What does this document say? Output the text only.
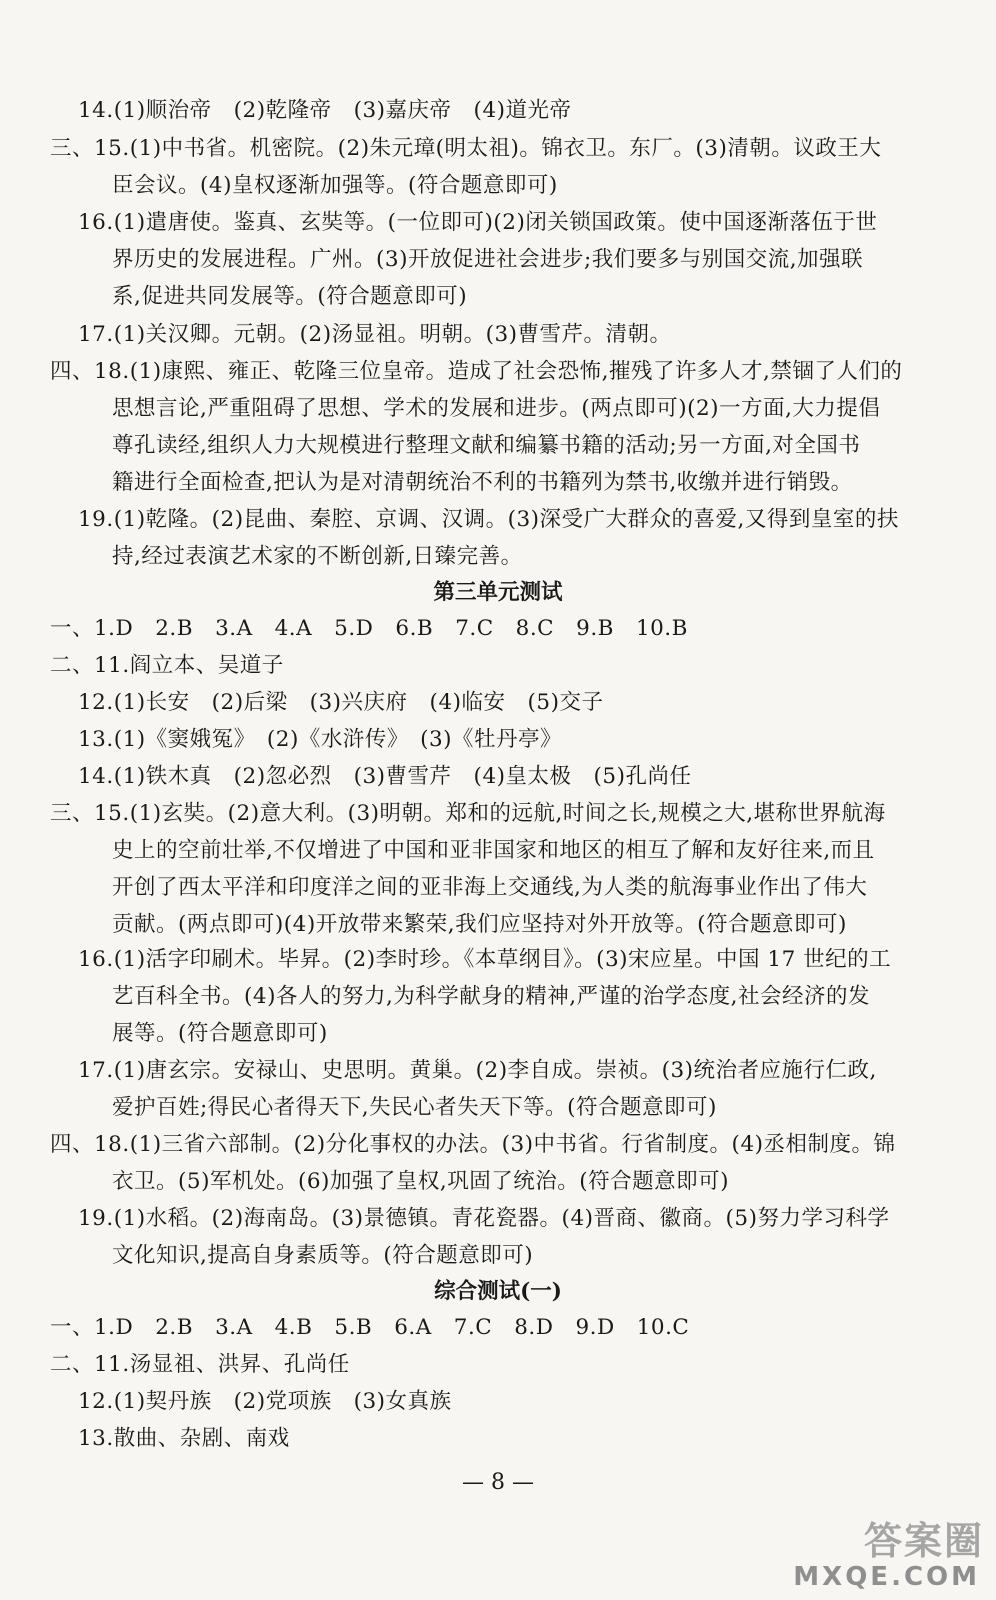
14.(1)顺治帝　(2)乾隆帝　(3)嘉庆帝　(4)道光帝
三、15.(1)中书省。机密院。(2)朱元璋(明太祖)。锦衣卫。东厂。(3)清朝。议政王大
臣会议。(4)皇权逐渐加强等。(符合题意即可)
16.(1)遣唐使。鉴真、玄奘等。(一位即可)(2)闭关锁国政策。使中国逐渐落伍于世
界历史的发展进程。广州。(3)开放促进社会进步;我们要多与别国交流,加强联
系,促进共同发展等。(符合题意即可)
17.(1)关汉卿。元朝。(2)汤显祖。明朝。(3)曹雪芹。清朝。
四、18.(1)康熙、雍正、乾隆三位皇帝。造成了社会恐怖,摧残了许多人才,禁锢了人们的
思想言论,严重阻碍了思想、学术的发展和进步。(两点即可)(2)一方面,大力提倡
尊孔读经,组织人力大规模进行整理文献和编纂书籍的活动;另一方面,对全国书
籍进行全面检查,把认为是对清朝统治不利的书籍列为禁书,收缴并进行销毁。
19.(1)乾隆。(2)昆曲、秦腔、京调、汉调。(3)深受广大群众的喜爱,又得到皇室的扶
持,经过表演艺术家的不断创新,日臻完善。
第三单元测试
一、1.D　2.B　3.A　4.A　5.D　6.B　7.C　8.C　9.B　10.B
二、11.阎立本、吴道子
12.(1)长安　(2)后梁　(3)兴庆府　(4)临安　(5)交子
13.(1)《窦娥冤》　(2)《水浒传》　(3)《牡丹亭》
14.(1)铁木真　(2)忽必烈　(3)曹雪芹　(4)皇太极　(5)孔尚任
三、15.(1)玄奘。(2)意大利。(3)明朝。郑和的远航,时间之长,规模之大,堪称世界航海
史上的空前壮举,不仅增进了中国和亚非国家和地区的相互了解和友好往来,而且
开创了西太平洋和印度洋之间的亚非海上交通线,为人类的航海事业作出了伟大
贡献。(两点即可)(4)开放带来繁荣,我们应坚持对外开放等。(符合题意即可)
16.(1)活字印刷术。毕昇。(2)李时珍。《本草纲目》。(3)宋应星。中国 17 世纪的工
艺百科全书。(4)各人的努力,为科学献身的精神,严谨的治学态度,社会经济的发
展等。(符合题意即可)
17.(1)唐玄宗。安禄山、史思明。黄巢。(2)李自成。崇祯。(3)统治者应施行仁政,
爱护百姓;得民心者得天下,失民心者失天下等。(符合题意即可)
四、18.(1)三省六部制。(2)分化事权的办法。(3)中书省。行省制度。(4)丞相制度。锦
衣卫。(5)军机处。(6)加强了皇权,巩固了统治。(符合题意即可)
19.(1)水稻。(2)海南岛。(3)景德镇。青花瓷器。(4)晋商、徽商。(5)努力学习科学
文化知识,提高自身素质等。(符合题意即可)
综合测试(一)
一、1.D　2.B　3.A　4.B　5.B　6.A　7.C　8.D　9.D　10.C
二、11.汤显祖、洪昇、孔尚任
12.(1)契丹族　(2)党项族　(3)女真族
13.散曲、杂剧、南戏
— 8 —
答案圈
MXQE.COM
